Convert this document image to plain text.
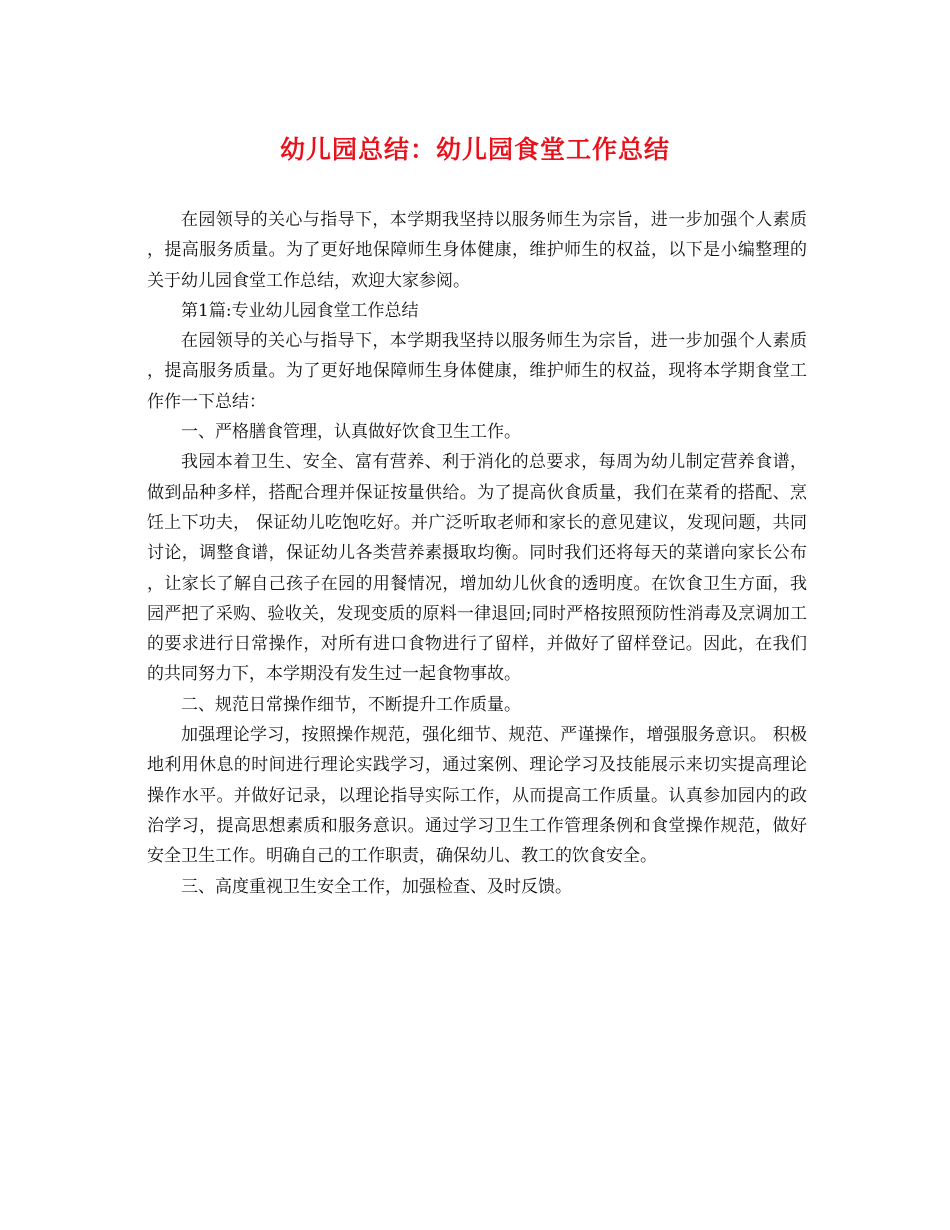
幼儿园总结：幼儿园食堂工作总结

在园领导的关心与指导下，本学期我坚持以服务师生为宗旨，进一步加强个人素质，提高服务质量。为了更好地保障师生身体健康，维护师生的权益，以下是小编整理的关于幼儿园食堂工作总结，欢迎大家参阅。

第1篇:专业幼儿园食堂工作总结

在园领导的关心与指导下，本学期我坚持以服务师生为宗旨，进一步加强个人素质，提高服务质量。为了更好地保障师生身体健康，维护师生的权益，现将本学期食堂工作作一下总结：

一、严格膳食管理，认真做好饮食卫生工作。

我园本着卫生、安全、富有营养、利于消化的总要求，每周为幼儿制定营养食谱，做到品种多样，搭配合理并保证按量供给。为了提高伙食质量，我们在菜肴的搭配、烹饪上下功夫， 保证幼儿吃饱吃好。并广泛听取老师和家长的意见建议，发现问题，共同讨论，调整食谱，保证幼儿各类营养素摄取均衡。同时我们还将每天的菜谱向家长公布，让家长了解自己孩子在园的用餐情况，增加幼儿伙食的透明度。在饮食卫生方面，我园严把了采购、验收关，发现变质的原料一律退回;同时严格按照预防性消毒及烹调加工的要求进行日常操作，对所有进口食物进行了留样，并做好了留样登记。因此，在我们的共同努力下，本学期没有发生过一起食物事故。

二、规范日常操作细节，不断提升工作质量。

加强理论学习，按照操作规范，强化细节、规范、严谨操作，增强服务意识。 积极地利用休息的时间进行理论实践学习，通过案例、理论学习及技能展示来切实提高理论操作水平。并做好记录，以理论指导实际工作，从而提高工作质量。认真参加园内的政治学习，提高思想素质和服务意识。通过学习卫生工作管理条例和食堂操作规范，做好安全卫生工作。明确自己的工作职责，确保幼儿、教工的饮食安全。

三、高度重视卫生安全工作，加强检查、及时反馈。
